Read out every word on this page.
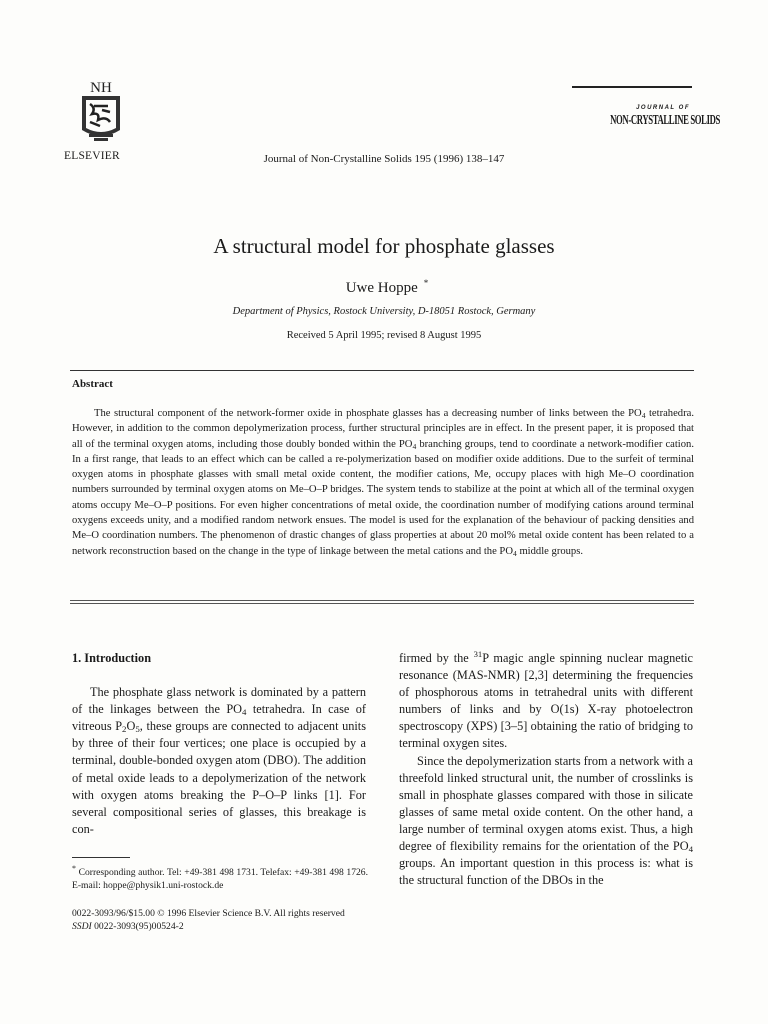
NH
ELSEVIER	Journal of Non-Crystalline Solids 195 (1996) 138–147
JOURNAL OF
NON-CRYSTALLINE SOLIDS
A structural model for phosphate glasses
Uwe Hoppe *
Department of Physics, Rostock University, D-18051 Rostock, Germany
Received 5 April 1995; revised 8 August 1995
Abstract
The structural component of the network-former oxide in phosphate glasses has a decreasing number of links between the $PO_4$ tetrahedra. However, in addition to the common depolymerization process, further structural principles are in effect. In the present paper, it is proposed that all of the terminal oxygen atoms, including those doubly bonded within the $PO_4$ branching groups, tend to coordinate a network-modifier cation. In a first range, that leads to an effect which can be called a re-polymerization based on modifier oxide additions. Due to the surfeit of terminal oxygen atoms in phosphate glasses with small metal oxide content, the modifier cations, Me, occupy places with high Me–O coordination numbers surrounded by terminal oxygen atoms on Me–O–P bridges. The system tends to stabilize at the point at which all of the terminal oxygen atoms occupy Me–O–P positions. For even higher concentrations of metal oxide, the coordination number of modifying cations around terminal oxygens exceeds unity, and a modified random network ensues. The model is used for the explanation of the behaviour of packing densities and Me–O coordination numbers. The phenomenon of drastic changes of glass properties at about 20 mol% metal oxide content has been related to a network reconstruction based on the change in the type of linkage between the metal cations and the $PO_4$ middle groups.

1. Introduction

The phosphate glass network is dominated by a pattern of the linkages between the $PO_4$ tetrahedra. In case of vitreous $P_2O_5$, these groups are connected to adjacent units by three of their four vertices; one place is occupied by a terminal, double-bonded oxygen atom (DBO). The addition of metal oxide leads to a depolymerization of the network with oxygen atoms breaking the P–O–P links [1]. For several compositional series of glasses, this breakage is con-

firmed by the $^{31}$P magic angle spinning nuclear magnetic resonance (MAS-NMR) [2,3] determining the frequencies of phosphorous atoms in tetrahedral units with different numbers of links and by O(1s) X-ray photoelectron spectroscopy (XPS) [3–5] obtaining the ratio of bridging to terminal oxygen sites.

Since the depolymerization starts from a network with a threefold linked structural unit, the number of crosslinks is small in phosphate glasses compared with those in silicate glasses of same metal oxide content. On the other hand, a large number of terminal oxygen atoms exist. Thus, a high degree of flexibility remains for the orientation of the $PO_4$ groups. An important question in this process is: what is the structural function of the DBOs in the

* Corresponding author. Tel: +49-381 498 1731. Telefax: +49-381 498 1726. E-mail: hoppe@physik1.uni-rostock.de
0022-3093/96/$15.00 © 1996 Elsevier Science B.V. All rights reserved
SSDI 0022-3093(95)00524-2
